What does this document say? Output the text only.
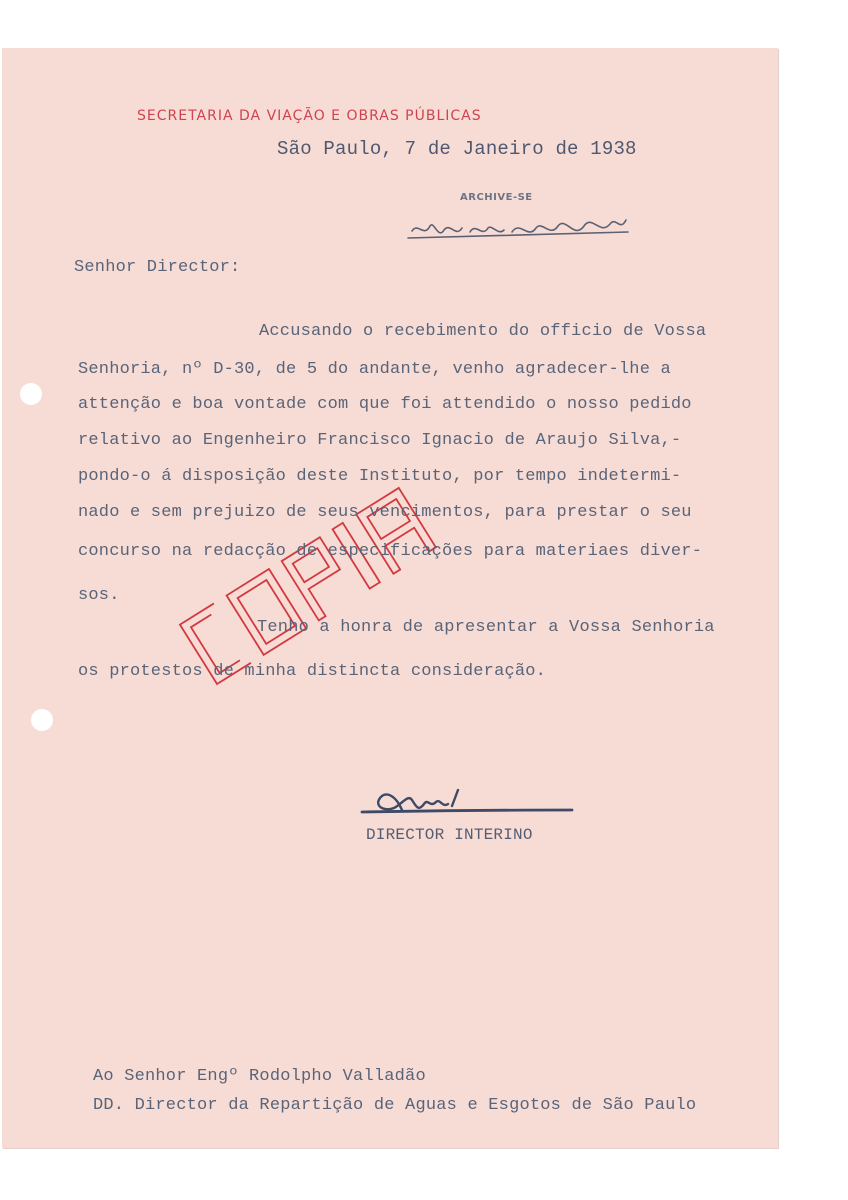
SECRETARIA DA VIAÇÃO E OBRAS PÚBLICAS
São Paulo, 7 de Janeiro de 1938
ARCHIVE-SE
Senhor Director:
Accusando o recebimento do officio de Vossa
Senhoria, nº D-30, de 5 do andante, venho agradecer-lhe a
attenção e boa vontade com que foi attendido o nosso pedido
relativo ao Engenheiro Francisco Ignacio de Araujo Silva,-
pondo-o á disposição deste Instituto, por tempo indetermi-
nado e sem prejuizo de seus vencimentos, para prestar o seu
concurso na redacção de especificações para materiaes diver-
sos.
Tenho a honra de apresentar a Vossa Senhoria
os protestos de minha distincta consideração.
DIRECTOR INTERINO
Ao Senhor Engº Rodolpho Valladão
DD. Director da Repartição de Aguas e Esgotos de São Paulo
